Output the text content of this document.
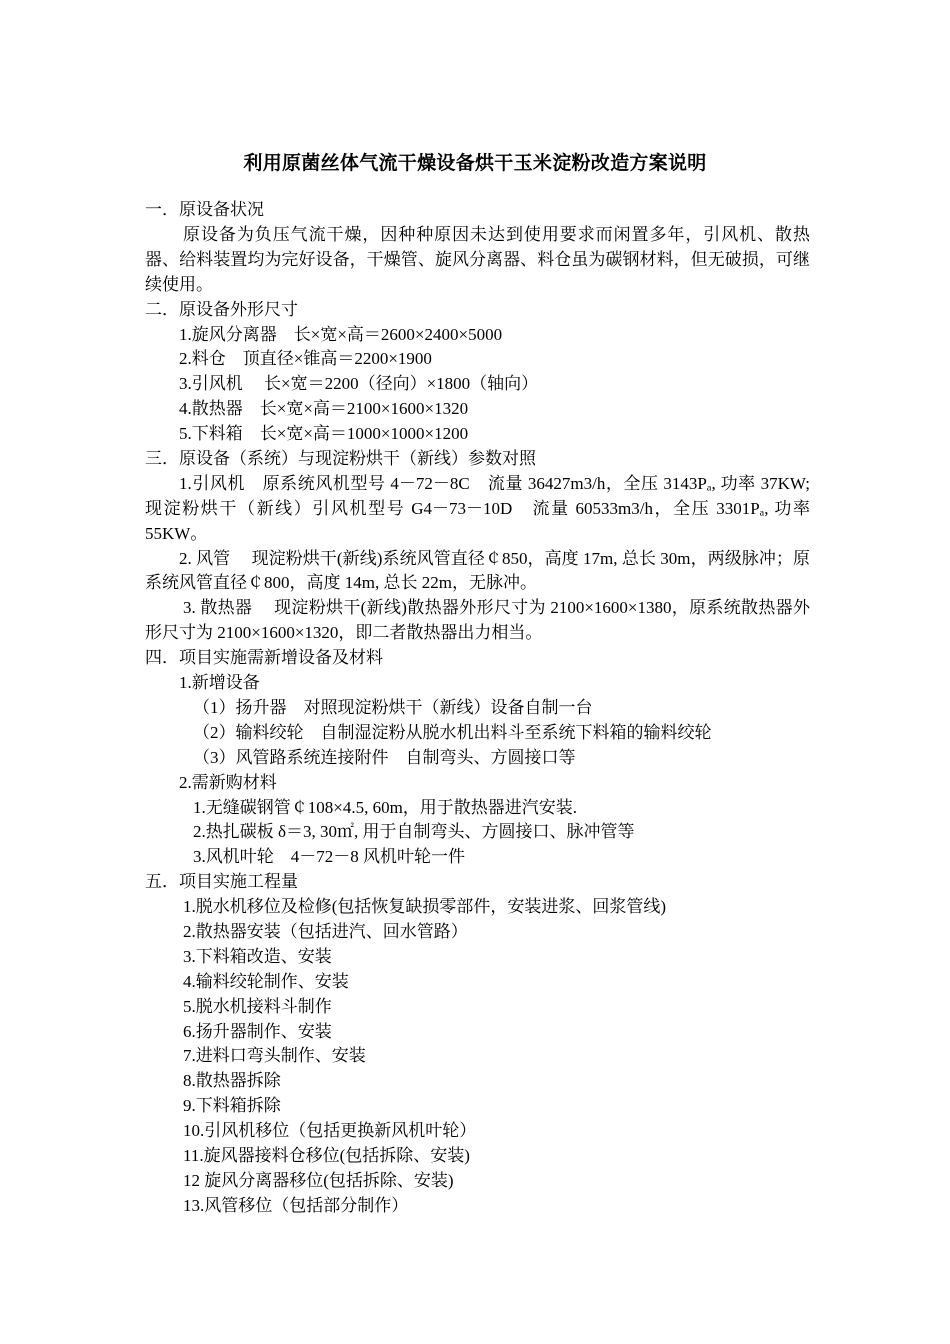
利用原菌丝体气流干燥设备烘干玉米淀粉改造方案说明
一．原设备状况
原设备为负压气流干燥，因种种原因未达到使用要求而闲置多年，引风机、散热器、给料装置均为完好设备，干燥管、旋风分离器、料仓虽为碳钢材料，但无破损，可继续使用。
二．原设备外形尺寸
1.旋风分离器　长×宽×高＝2600×2400×5000
2.料仓　顶直径×锥高＝2200×1900
3.引风机　 长×宽＝2200（径向）×1800（轴向）
4.散热器　长×宽×高＝2100×1600×1320
5.下料箱　长×宽×高＝1000×1000×1200
三．原设备（系统）与现淀粉烘干（新线）参数对照
1.引风机　原系统风机型号 4－72－8C　流量 36427m3/h，全压 3143Pₐ, 功率 37KW; 现淀粉烘干（新线）引风机型号 G4－73－10D　流量 60533m3/h，全压 3301Pₐ, 功率 55KW。
2. 风管　 现淀粉烘干(新线)系统风管直径￠850，高度 17m, 总长 30m，两级脉冲；原系统风管直径￠800，高度 14m, 总长 22m，无脉冲。
3. 散热器　 现淀粉烘干(新线)散热器外形尺寸为 2100×1600×1380，原系统散热器外形尺寸为 2100×1600×1320，即二者散热器出力相当。
四．项目实施需新增设备及材料
1.新增设备
（1）扬升器　对照现淀粉烘干（新线）设备自制一台
（2）输料绞轮　自制湿淀粉从脱水机出料斗至系统下料箱的输料绞轮
（3）风管路系统连接附件　自制弯头、方圆接口等
2.需新购材料
1.无缝碳钢管￠108×4.5, 60m，用于散热器进汽安装.
2.热扎碳板 δ＝3, 30㎡, 用于自制弯头、方圆接口、脉冲管等
3.风机叶轮　4－72－8 风机叶轮一件
五．项目实施工程量
1.脱水机移位及检修(包括恢复缺损零部件，安装进浆、回浆管线)
2.散热器安装（包括进汽、回水管路）
3.下料箱改造、安装
4.输料绞轮制作、安装
5.脱水机接料斗制作
6.扬升器制作、安装
7.进料口弯头制作、安装
8.散热器拆除
9.下料箱拆除
10.引风机移位（包括更换新风机叶轮）
11.旋风器接料仓移位(包括拆除、安装)
12 旋风分离器移位(包括拆除、安装)
13.风管移位（包括部分制作）
